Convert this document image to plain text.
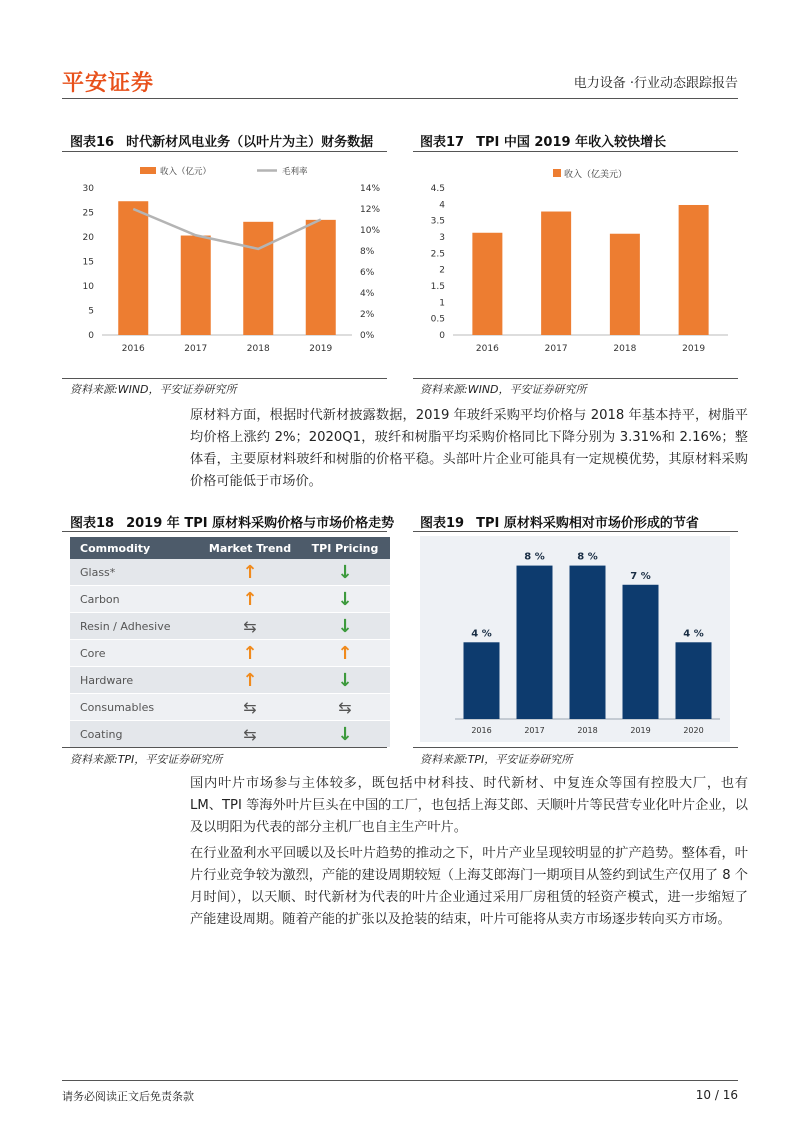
平安证券	电力设备 ·行业动态跟踪报告
图表16 时代新材风电业务（以叶片为主）财务数据
收入（亿元）	毛利率
0
5
10
15
20
25
30
0%
2%
4%
6%
8%
10%
12%
14%
2016	2017	2018	2019
资料来源:WIND，平安证券研究所
图表17 TPI 中国 2019 年收入较快增长
收入（亿美元）
0
0.5
1
1.5
2
2.5
3
3.5
4
4.5
2016	2017	2018	2019
资料来源:WIND，平安证券研究所
原材料方面，根据时代新材披露数据，2019 年玻纤采购平均价格与 2018 年基本持平，树脂平均价格上涨约 2%；2020Q1，玻纤和树脂平均采购价格同比下降分别为 3.31%和 2.16%；整体看，主要原材料玻纤和树脂的价格平稳。头部叶片企业可能具有一定规模优势，其原材料采购价格可能低于市场价。
图表18 2019 年 TPI 原材料采购价格与市场价格走势
Commodity	Market Trend	TPI Pricing
Glass*	↑	↓
Carbon	↑	↓
Resin / Adhesive	⇆	↓
Core	↑	↑
Hardware	↑	↓
Consumables	⇆	⇆
Coating	⇆	↓
资料来源:TPI，平安证券研究所
图表19 TPI 原材料采购相对市场价形成的节省
4 %
2016
8 %
2017
8 %
2018
7 %
2019
4 %
2020
资料来源:TPI，平安证券研究所
国内叶片市场参与主体较多，既包括中材科技、时代新材、中复连众等国有控股大厂，也有 LM、TPI 等海外叶片巨头在中国的工厂，也包括上海艾郎、天顺叶片等民营专业化叶片企业，以及以明阳为代表的部分主机厂也自主生产叶片。
在行业盈利水平回暖以及长叶片趋势的推动之下，叶片产业呈现较明显的扩产趋势。整体看，叶片行业竞争较为激烈，产能的建设周期较短（上海艾郎海门一期项目从签约到试生产仅用了 8 个月时间），以天顺、时代新材为代表的叶片企业通过采用厂房租赁的轻资产模式，进一步缩短了产能建设周期。随着产能的扩张以及抢装的结束，叶片可能将从卖方市场逐步转向买方市场。
请务必阅读正文后免责条款	10 / 16
